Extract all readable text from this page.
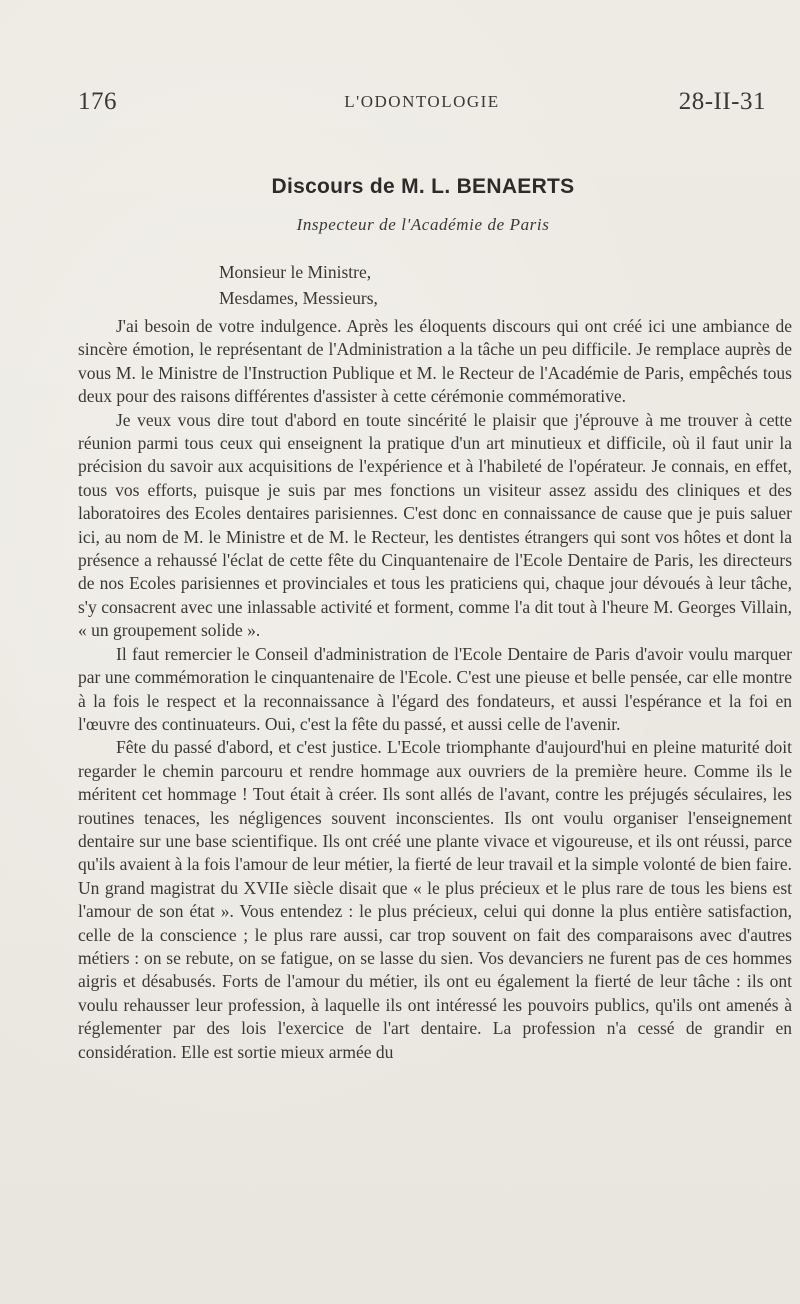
176	L'ODONTOLOGIE	28-II-31
Discours de M. L. BENAERTS
Inspecteur de l'Académie de Paris
Monsieur le Ministre,
Mesdames, Messieurs,

J'ai besoin de votre indulgence. Après les éloquents discours qui ont créé ici une ambiance de sincère émotion, le représentant de l'Administration a la tâche un peu difficile. Je remplace auprès de vous M. le Ministre de l'Instruction Publique et M. le Recteur de l'Académie de Paris, empêchés tous deux pour des raisons différentes d'assister à cette cérémonie commémorative.

Je veux vous dire tout d'abord en toute sincérité le plaisir que j'éprouve à me trouver à cette réunion parmi tous ceux qui enseignent la pratique d'un art minutieux et difficile, où il faut unir la précision du savoir aux acquisitions de l'expérience et à l'habileté de l'opérateur. Je connais, en effet, tous vos efforts, puisque je suis par mes fonctions un visiteur assez assidu des cliniques et des laboratoires des Ecoles dentaires parisiennes. C'est donc en connaissance de cause que je puis saluer ici, au nom de M. le Ministre et de M. le Recteur, les dentistes étrangers qui sont vos hôtes et dont la présence a rehaussé l'éclat de cette fête du Cinquantenaire de l'Ecole Dentaire de Paris, les directeurs de nos Ecoles parisiennes et provinciales et tous les praticiens qui, chaque jour dévoués à leur tâche, s'y consacrent avec une inlassable activité et forment, comme l'a dit tout à l'heure M. Georges Villain, « un groupement solide ».

Il faut remercier le Conseil d'administration de l'Ecole Dentaire de Paris d'avoir voulu marquer par une commémoration le cinquantenaire de l'Ecole. C'est une pieuse et belle pensée, car elle montre à la fois le respect et la reconnaissance à l'égard des fondateurs, et aussi l'espérance et la foi en l'œuvre des continuateurs. Oui, c'est la fête du passé, et aussi celle de l'avenir.

Fête du passé d'abord, et c'est justice. L'Ecole triomphante d'aujourd'hui en pleine maturité doit regarder le chemin parcouru et rendre hommage aux ouvriers de la première heure. Comme ils le méritent cet hommage ! Tout était à créer. Ils sont allés de l'avant, contre les préjugés séculaires, les routines tenaces, les négligences souvent inconscientes. Ils ont voulu organiser l'enseignement dentaire sur une base scientifique. Ils ont créé une plante vivace et vigoureuse, et ils ont réussi, parce qu'ils avaient à la fois l'amour de leur métier, la fierté de leur travail et la simple volonté de bien faire. Un grand magistrat du XVIIe siècle disait que « le plus précieux et le plus rare de tous les biens est l'amour de son état ». Vous entendez : le plus précieux, celui qui donne la plus entière satisfaction, celle de la conscience ; le plus rare aussi, car trop souvent on fait des comparaisons avec d'autres métiers : on se rebute, on se fatigue, on se lasse du sien. Vos devanciers ne furent pas de ces hommes aigris et désabusés. Forts de l'amour du métier, ils ont eu également la fierté de leur tâche : ils ont voulu rehausser leur profession, à laquelle ils ont intéressé les pouvoirs publics, qu'ils ont amenés à réglementer par des lois l'exercice de l'art dentaire. La profession n'a cessé de grandir en considération. Elle est sortie mieux armée du
